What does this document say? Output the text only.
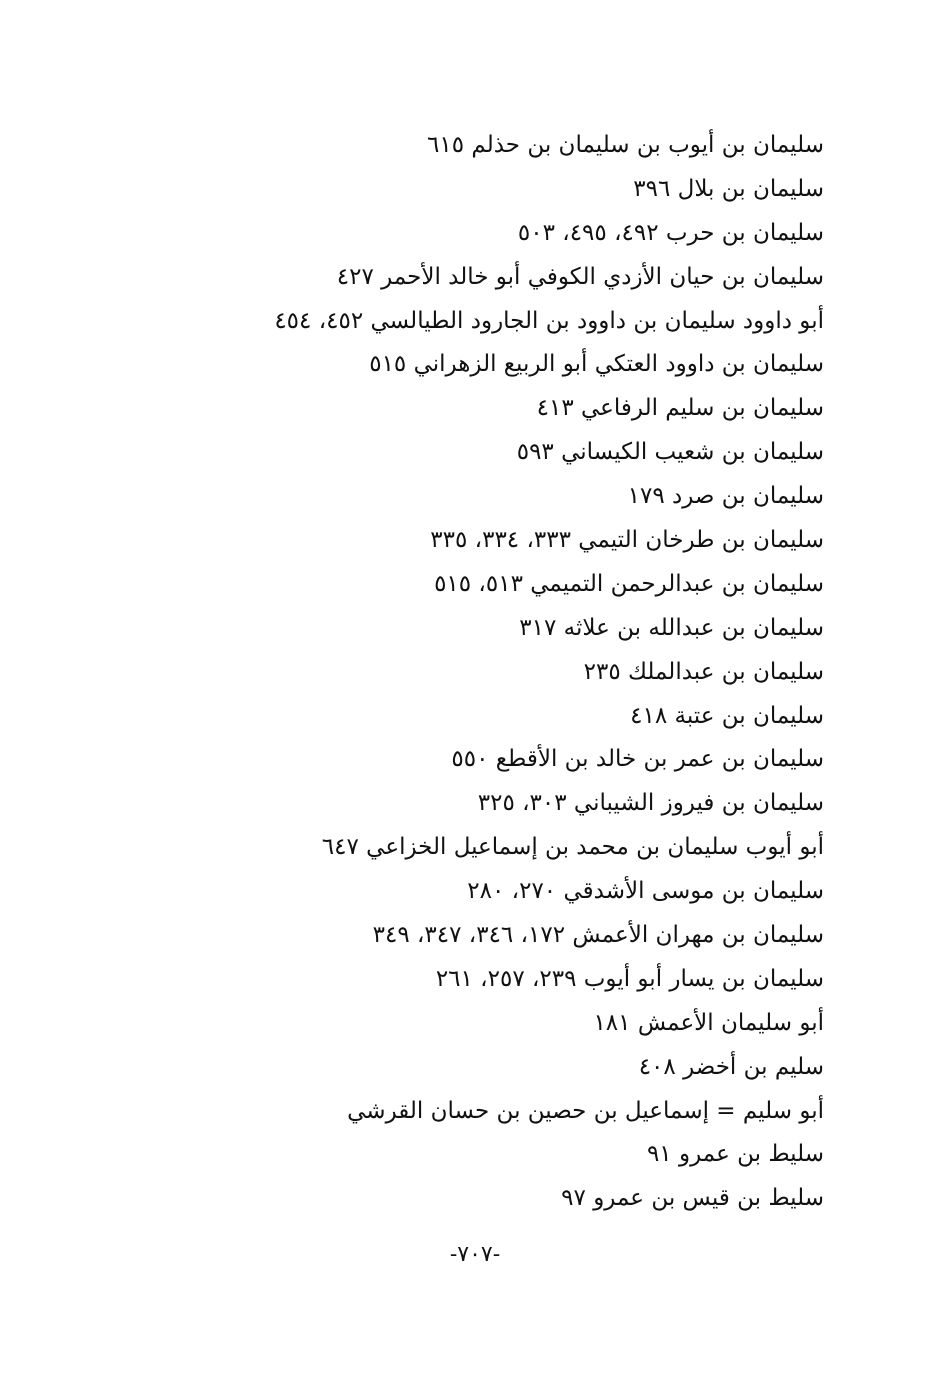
سليمان بن أيوب بن سليمان بن حذلم ٦١٥
سليمان بن بلال ٣٩٦
سليمان بن حرب ٤٩٢، ٤٩٥، ٥٠٣
سليمان بن حيان الأزدي الكوفي أبو خالد الأحمر ٤٢٧
أبو داوود سليمان بن داوود بن الجارود الطيالسي ٤٥٢، ٤٥٤
سليمان بن داوود العتكي أبو الربيع الزهراني ٥١٥
سليمان بن سليم الرفاعي ٤١٣
سليمان بن شعيب الكيساني ٥٩٣
سليمان بن صرد ١٧٩
سليمان بن طرخان التيمي ٣٣٣، ٣٣٤، ٣٣٥
سليمان بن عبدالرحمن التميمي ٥١٣، ٥١٥
سليمان بن عبدالله بن علاثه ٣١٧
سليمان بن عبدالملك ٢٣٥
سليمان بن عتبة ٤١٨
سليمان بن عمر بن خالد بن الأقطع ٥٥٠
سليمان بن فيروز الشيباني ٣٠٣، ٣٢٥
أبو أيوب سليمان بن محمد بن إسماعيل الخزاعي ٦٤٧
سليمان بن موسى الأشدقي ٢٧٠، ٢٨٠
سليمان بن مهران الأعمش ١٧٢، ٣٤٦، ٣٤٧، ٣٤٩
سليمان بن يسار أبو أيوب ٢٣٩، ٢٥٧، ٢٦١
أبو سليمان الأعمش ١٨١
سليم بن أخضر ٤٠٨
أبو سليم = إسماعيل بن حصين بن حسان القرشي
سليط بن عمرو ٩١
سليط بن قيس بن عمرو ٩٧
-٧٠٧-
